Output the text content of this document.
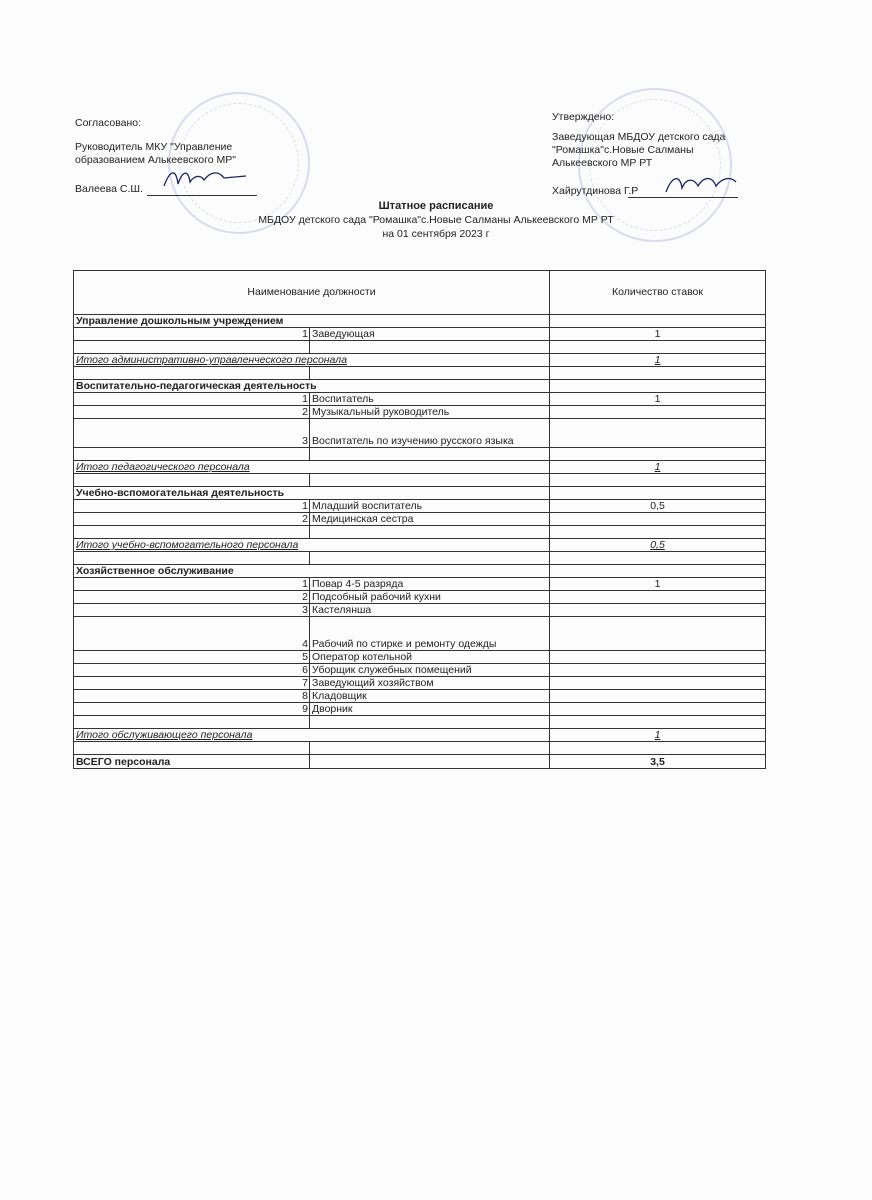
Согласовано:
Руководитель МКУ "Управление
образованием Алькеевского МР"
Валеева С.Ш.
Утверждено:
Заведующая МБДОУ детского сада
"Ромашка"с.Новые Салманы
Алькеевского МР РТ
Хайрутдинова Г.Р
Штатное расписание
МБДОУ детского сада "Ромашка"с.Новые Салманы Алькеевского МР РТ
на 01 сентября 2023 г
Наименование должности		Количество ставок
Управление дошкольным учреждением		
1	Заведующая	1

Итого административно-управленческого персонала		1

Воспитательно-педагогическая деятельность		
1	Воспитатель	1
2	Музыкальный руководитель	
3	Воспитатель по изучению русского языка	

Итого педагогического персонала		1

Учебно-вспомогательная деятельность		
1	Младший воспитатель	0,5
2	Медицинская сестра	

Итого учебно-вспомогательного персонала		0,5

Хозяйственное обслуживание		
1	Повар 4-5 разряда	1
2	Подсобный рабочий кухни	
3	Кастелянша	
4	Рабочий по стирке и ремонту одежды	
5	Оператор котельной	
6	Уборщик служебных помещений	
7	Заведующий хозяйством	
8	Кладовщик	
9	Дворник	

Итого обслуживающего персонала		1

ВСЕГО персонала		3,5
